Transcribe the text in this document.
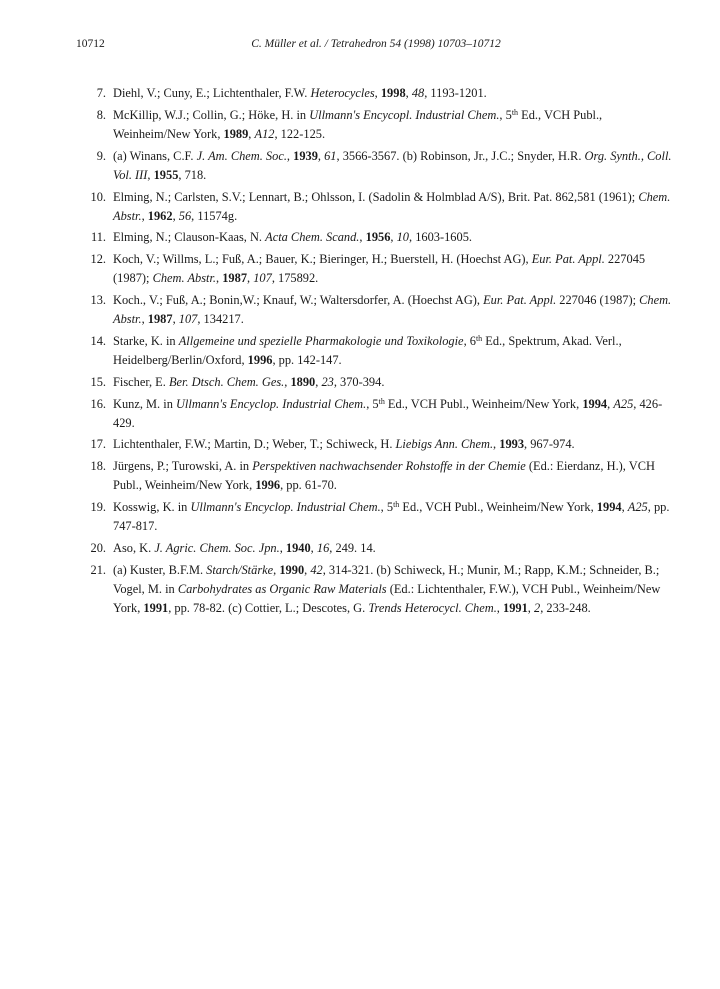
10712	C. Müller et al. / Tetrahedron 54 (1998) 10703–10712
7. Diehl, V.; Cuny, E.; Lichtenthaler, F.W. Heterocycles, 1998, 48, 1193-1201.
8. McKillip, W.J.; Collin, G.; Höke, H. in Ullmann's Encycopl. Industrial Chem., 5th Ed., VCH Publ., Weinheim/New York, 1989, A12, 122-125.
9. (a) Winans, C.F. J. Am. Chem. Soc., 1939, 61, 3566-3567. (b) Robinson, Jr., J.C.; Snyder, H.R. Org. Synth., Coll. Vol. III, 1955, 718.
10. Elming, N.; Carlsten, S.V.; Lennart, B.; Ohlsson, I. (Sadolin & Holmblad A/S), Brit. Pat. 862,581 (1961); Chem. Abstr., 1962, 56, 11574g.
11. Elming, N.; Clauson-Kaas, N. Acta Chem. Scand., 1956, 10, 1603-1605.
12. Koch, V.; Willms, L.; Fuß, A.; Bauer, K.; Bieringer, H.; Buerstell, H. (Hoechst AG), Eur. Pat. Appl. 227045 (1987); Chem. Abstr., 1987, 107, 175892.
13. Koch., V.; Fuß, A.; Bonin,W.; Knauf, W.; Waltersdorfer, A. (Hoechst AG), Eur. Pat. Appl. 227046 (1987); Chem. Abstr., 1987, 107, 134217.
14. Starke, K. in Allgemeine und spezielle Pharmakologie und Toxikologie, 6th Ed., Spektrum, Akad. Verl., Heidelberg/Berlin/Oxford, 1996, pp. 142-147.
15. Fischer, E. Ber. Dtsch. Chem. Ges., 1890, 23, 370-394.
16. Kunz, M. in Ullmann's Encyclop. Industrial Chem., 5th Ed., VCH Publ., Weinheim/New York, 1994, A25, 426-429.
17. Lichtenthaler, F.W.; Martin, D.; Weber, T.; Schiweck, H. Liebigs Ann. Chem., 1993, 967-974.
18. Jürgens, P.; Turowski, A. in Perspektiven nachwachsender Rohstoffe in der Chemie (Ed.: Eierdanz, H.), VCH Publ., Weinheim/New York, 1996, pp. 61-70.
19. Kosswig, K. in Ullmann's Encyclop. Industrial Chem., 5th Ed., VCH Publ., Weinheim/New York, 1994, A25, pp. 747-817.
20. Aso, K. J. Agric. Chem. Soc. Jpn., 1940, 16, 249. 14.
21. (a) Kuster, B.F.M. Starch/Stärke, 1990, 42, 314-321. (b) Schiweck, H.; Munir, M.; Rapp, K.M.; Schneider, B.; Vogel, M. in Carbohydrates as Organic Raw Materials (Ed.: Lichtenthaler, F.W.), VCH Publ., Weinheim/New York, 1991, pp. 78-82. (c) Cottier, L.; Descotes, G. Trends Heterocycl. Chem., 1991, 2, 233-248.
